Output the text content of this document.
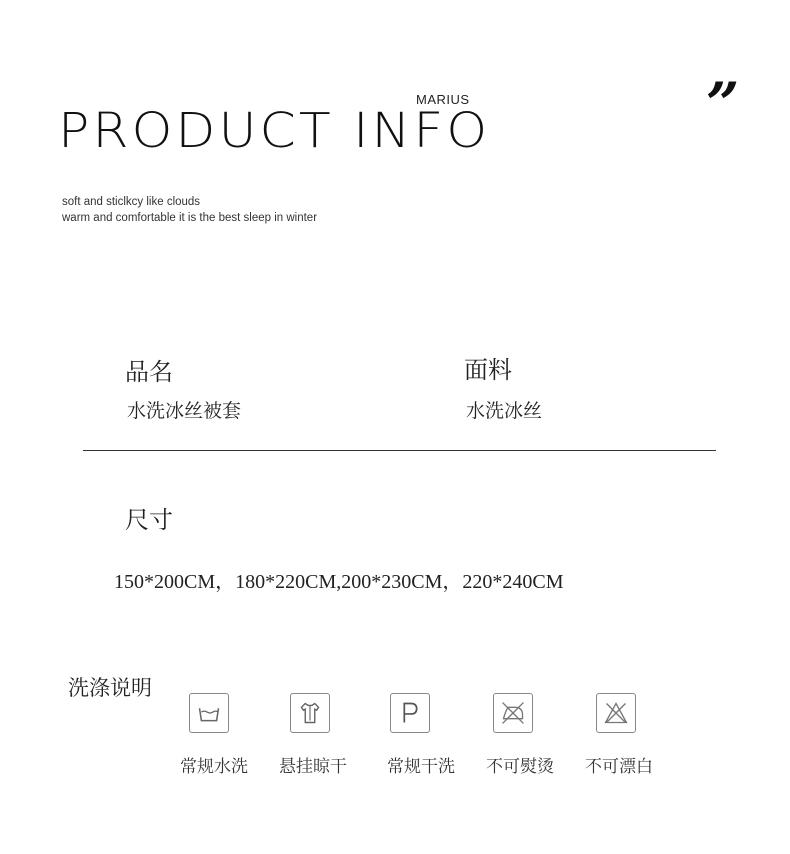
MARIUS
PRODUCT INFO	”
soft and sticlkcy like clouds
warm and comfortable it is the best sleep in winter
品名
水洗冰丝被套
面料
水洗冰丝
尺寸
150*200CM，180*220CM,200*230CM，220*240CM
洗涤说明
常规水洗	悬挂晾干	常规干洗	不可熨烫	不可漂白
